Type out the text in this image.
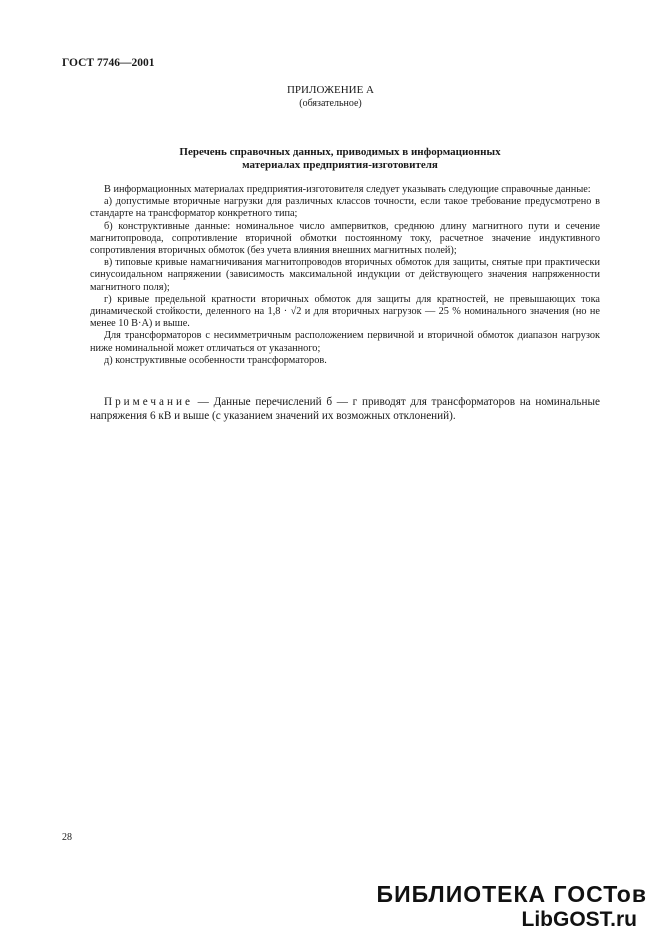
ГОСТ 7746—2001
ПРИЛОЖЕНИЕ А
(обязательное)
Перечень справочных данных, приводимых в информационных
материалах предприятия-изготовителя

В информационных материалах предприятия-изготовителя следует указывать следующие справочные данные:

а) допустимые вторичные нагрузки для различных классов точности, если такое требование предусмотрено в стандарте на трансформатор конкретного типа;

б) конструктивные данные: номинальное число ампервитков, среднюю длину магнитного пути и сечение магнитопровода, сопротивление вторичной обмотки постоянному току, расчетное значение индуктивного сопротивления вторичных обмоток (без учета влияния внешних магнитных полей);

в) типовые кривые намагничивания магнитопроводов вторичных обмоток для защиты, снятые при практически синусоидальном напряжении (зависимость максимальной индукции от действующего значения напряженности магнитного поля);

г) кривые предельной кратности вторичных обмоток для защиты для кратностей, не превышающих тока динамической стойкости, деленного на 1,8 · √2 и для вторичных нагрузок — 25 % номинального значения (но не менее 10 В·А) и выше.

Для трансформаторов с несимметричным расположением первичной и вторичной обмоток диапазон нагрузок ниже номинальной может отличаться от указанного;

д) конструктивные особенности трансформаторов.

Примечание — Данные перечислений б — г приводят для трансформаторов на номинальные напряжения 6 кВ и выше (с указанием значений их возможных отклонений).
28
БИБЛИОТЕКА ГОСТов
LibGOST.ru
